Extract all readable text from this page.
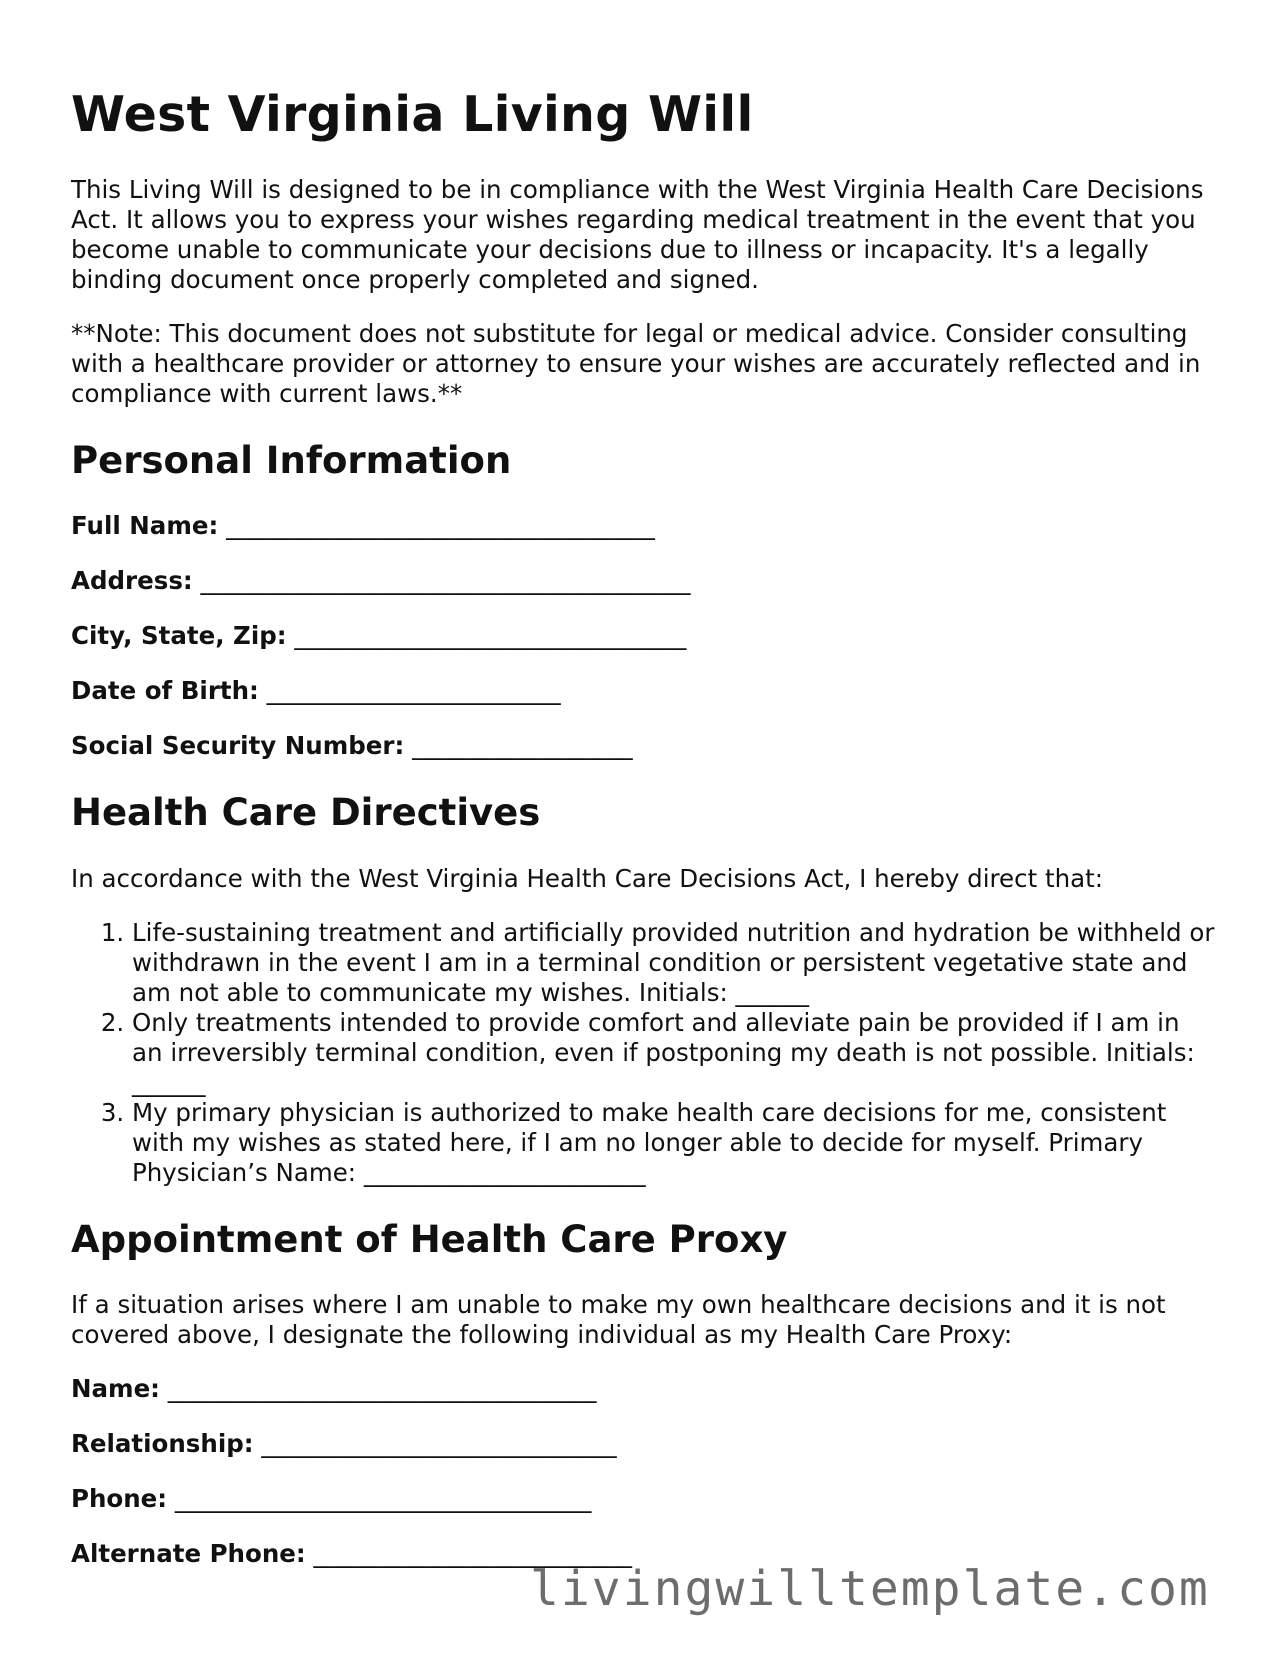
West Virginia Living Will

This Living Will is designed to be in compliance with the West Virginia Health Care Decisions Act. It allows you to express your wishes regarding medical treatment in the event that you become unable to communicate your decisions due to illness or incapacity. It's a legally binding document once properly completed and signed.

**Note: This document does not substitute for legal or medical advice. Consider consulting with a healthcare provider or attorney to ensure your wishes are accurately reflected and in compliance with current laws.**

Personal Information
Full Name: ___________________________________
Address: ________________________________________
City, State, Zip: ________________________________
Date of Birth: ________________________
Social Security Number: __________________
Health Care Directives

In accordance with the West Virginia Health Care Decisions Act, I hereby direct that:

1. Life-sustaining treatment and artificially provided nutrition and hydration be withheld or withdrawn in the event I am in a terminal condition or persistent vegetative state and am not able to communicate my wishes. Initials: ______
2. Only treatments intended to provide comfort and alleviate pain be provided if I am in an irreversibly terminal condition, even if postponing my death is not possible. Initials: ______
3. My primary physician is authorized to make health care decisions for me, consistent with my wishes as stated here, if I am no longer able to decide for myself. Primary Physician’s Name: _______________________
Appointment of Health Care Proxy

If a situation arises where I am unable to make my own healthcare decisions and it is not covered above, I designate the following individual as my Health Care Proxy:

Name: ___________________________________
Relationship: _____________________________
Phone: __________________________________
Alternate Phone: __________________________
livingwilltemplate.com
